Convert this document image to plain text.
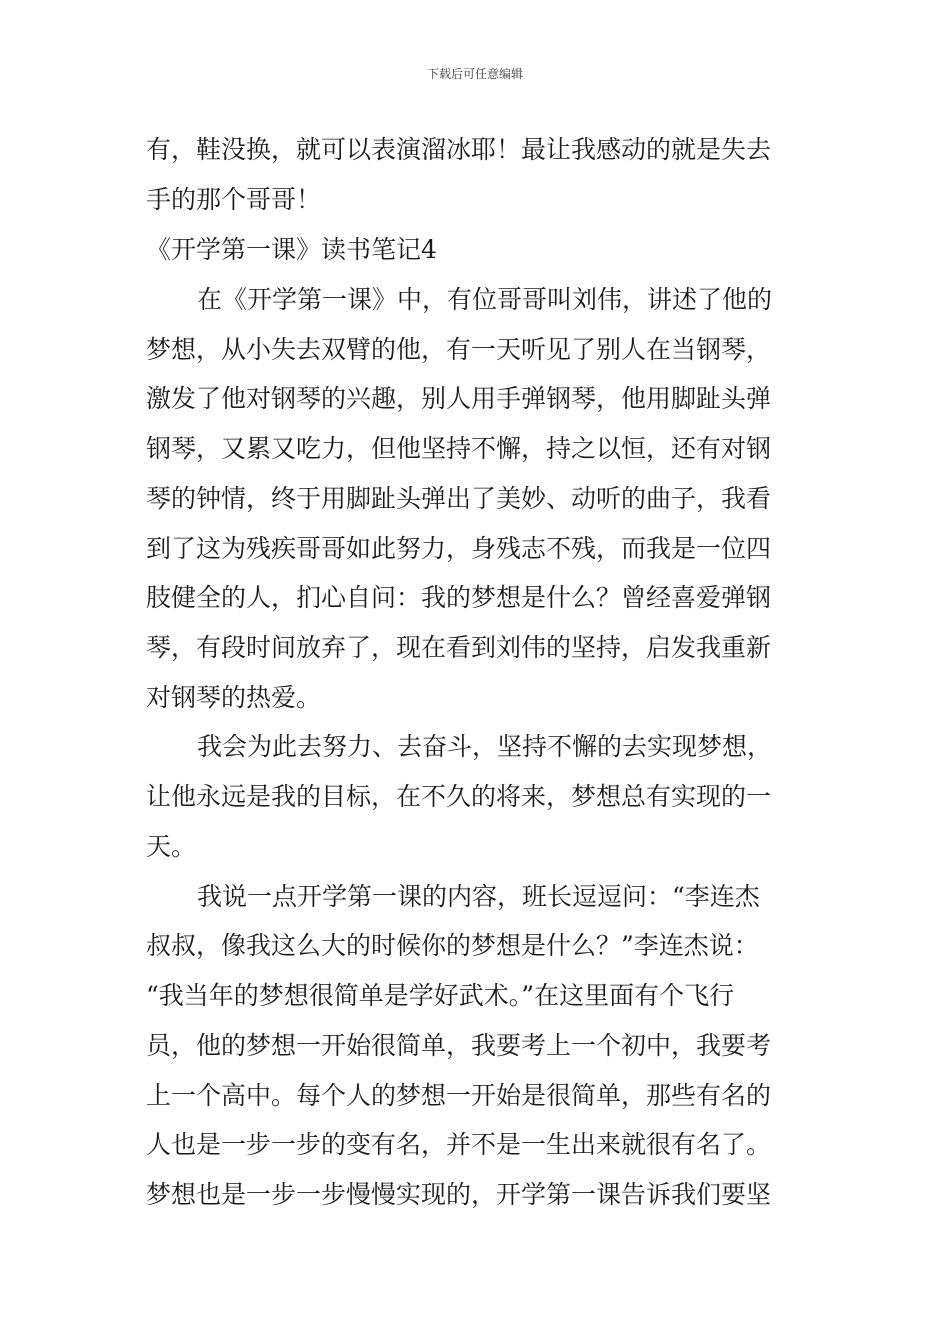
下载后可任意编辑
有，鞋没换，就可以表演溜冰耶！最让我感动的就是失去
手的那个哥哥！
《开学第一课》读书笔记4
在《开学第一课》中，有位哥哥叫刘伟，讲述了他的
梦想，从小失去双臂的他，有一天听见了别人在当钢琴，
激发了他对钢琴的兴趣，别人用手弹钢琴，他用脚趾头弹
钢琴，又累又吃力，但他坚持不懈，持之以恒，还有对钢
琴的钟情，终于用脚趾头弹出了美妙、动听的曲子，我看
到了这为残疾哥哥如此努力，身残志不残，而我是一位四
肢健全的人，扪心自问：我的梦想是什么？曾经喜爱弹钢
琴，有段时间放弃了，现在看到刘伟的坚持，启发我重新
对钢琴的热爱。
我会为此去努力、去奋斗，坚持不懈的去实现梦想，
让他永远是我的目标，在不久的将来，梦想总有实现的一
天。
我说一点开学第一课的内容，班长逗逗问：“李连杰
叔叔，像我这么大的时候你的梦想是什么？”李连杰说：
“我当年的梦想很简单是学好武术。”在这里面有个飞行
员，他的梦想一开始很简单，我要考上一个初中，我要考
上一个高中。每个人的梦想一开始是很简单，那些有名的
人也是一步一步的变有名，并不是一生出来就很有名了。
梦想也是一步一步慢慢实现的，开学第一课告诉我们要坚
